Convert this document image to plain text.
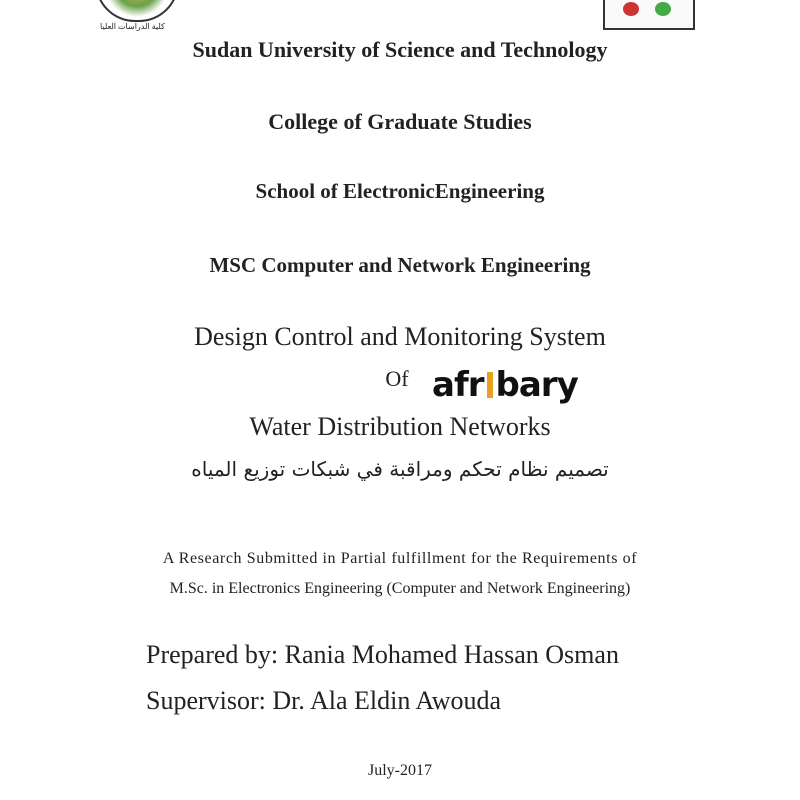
كلية الدراسات العليا
Sudan University of Science and Technology
College of Graduate Studies
School of ElectronicEngineering
MSC Computer and Network Engineering
Design Control and Monitoring System
Of
Water Distribution Networks
تصميم نظام تحكم ومراقبة في شبكات توزيع المياه
afr bary
A Research Submitted in Partial fulfillment for the Requirements of
M.Sc. in Electronics Engineering (Computer and Network Engineering)
Prepared by: Rania Mohamed Hassan Osman
Supervisor: Dr. Ala Eldin Awouda
July-2017
